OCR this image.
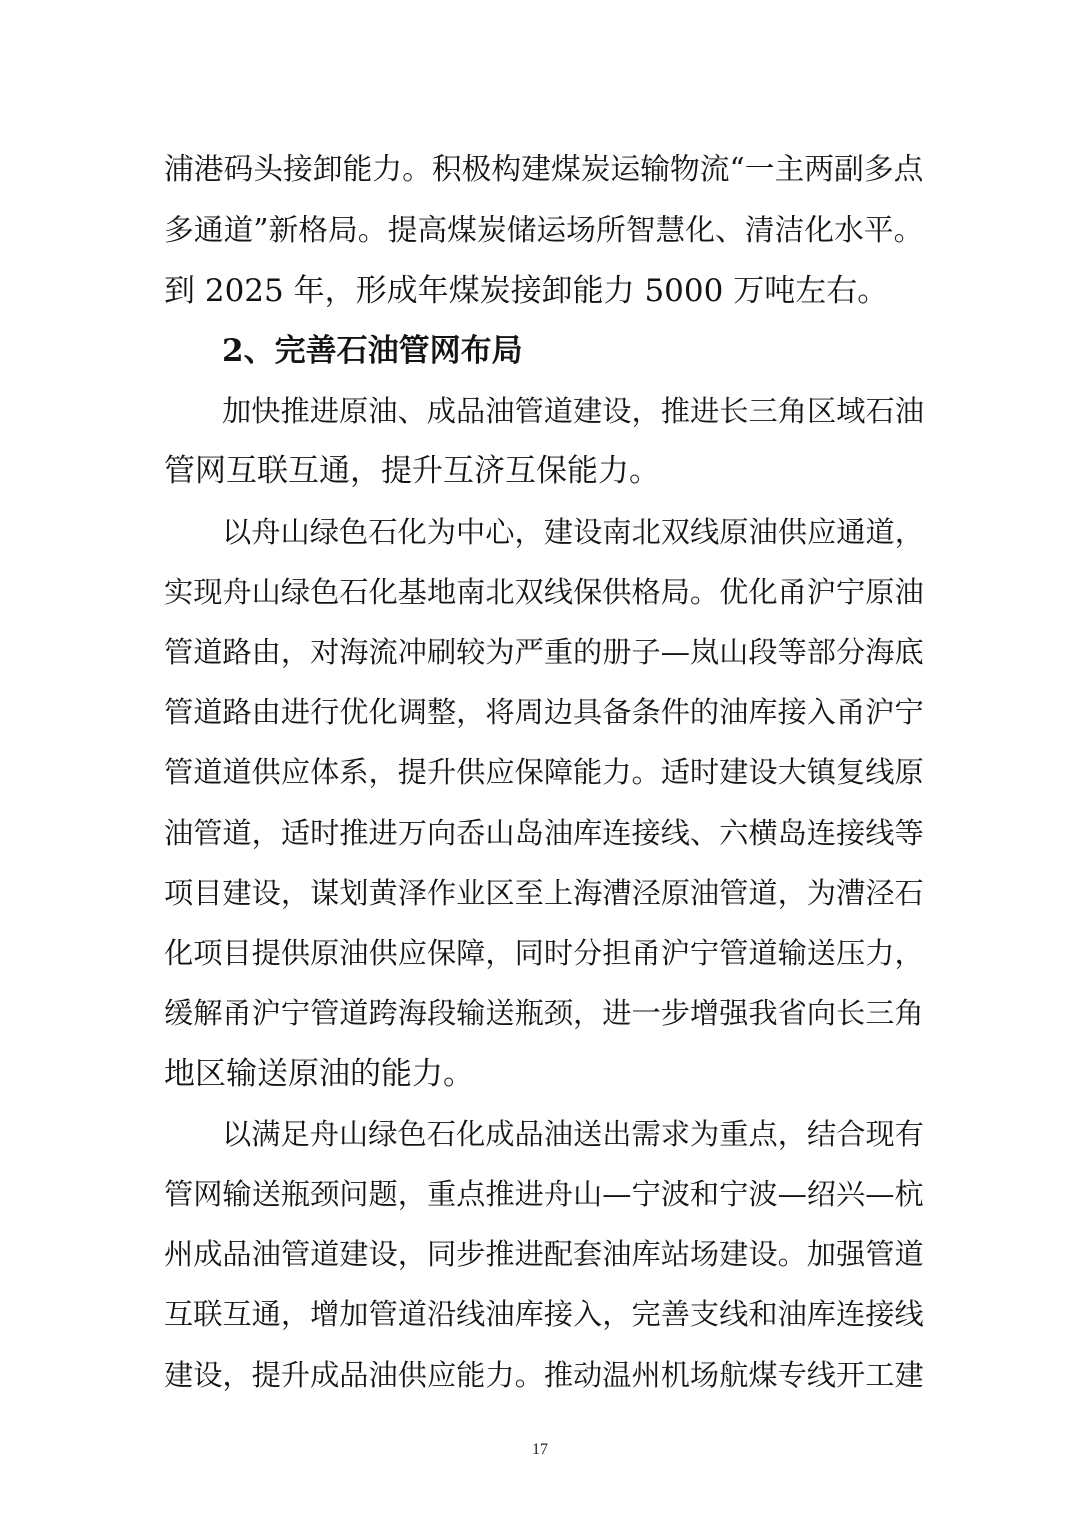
浦港码头接卸能力。积极构建煤炭运输物流“一主两副多点
多通道”新格局。提高煤炭储运场所智慧化、清洁化水平。
到 2025 年，形成年煤炭接卸能力 5000 万吨左右。
2、完善石油管网布局
加快推进原油、成品油管道建设，推进长三角区域石油
管网互联互通，提升互济互保能力。
以舟山绿色石化为中心，建设南北双线原油供应通道，
实现舟山绿色石化基地南北双线保供格局。优化甬沪宁原油
管道路由，对海流冲刷较为严重的册子—岚山段等部分海底
管道路由进行优化调整，将周边具备条件的油库接入甬沪宁
管道道供应体系，提升供应保障能力。适时建设大镇复线原
油管道，适时推进万向岙山岛油库连接线、六横岛连接线等
项目建设，谋划黄泽作业区至上海漕泾原油管道，为漕泾石
化项目提供原油供应保障，同时分担甬沪宁管道输送压力，
缓解甬沪宁管道跨海段输送瓶颈，进一步增强我省向长三角
地区输送原油的能力。
以满足舟山绿色石化成品油送出需求为重点，结合现有
管网输送瓶颈问题，重点推进舟山—宁波和宁波—绍兴—杭
州成品油管道建设，同步推进配套油库站场建设。加强管道
互联互通，增加管道沿线油库接入，完善支线和油库连接线
建设，提升成品油供应能力。推动温州机场航煤专线开工建
17
